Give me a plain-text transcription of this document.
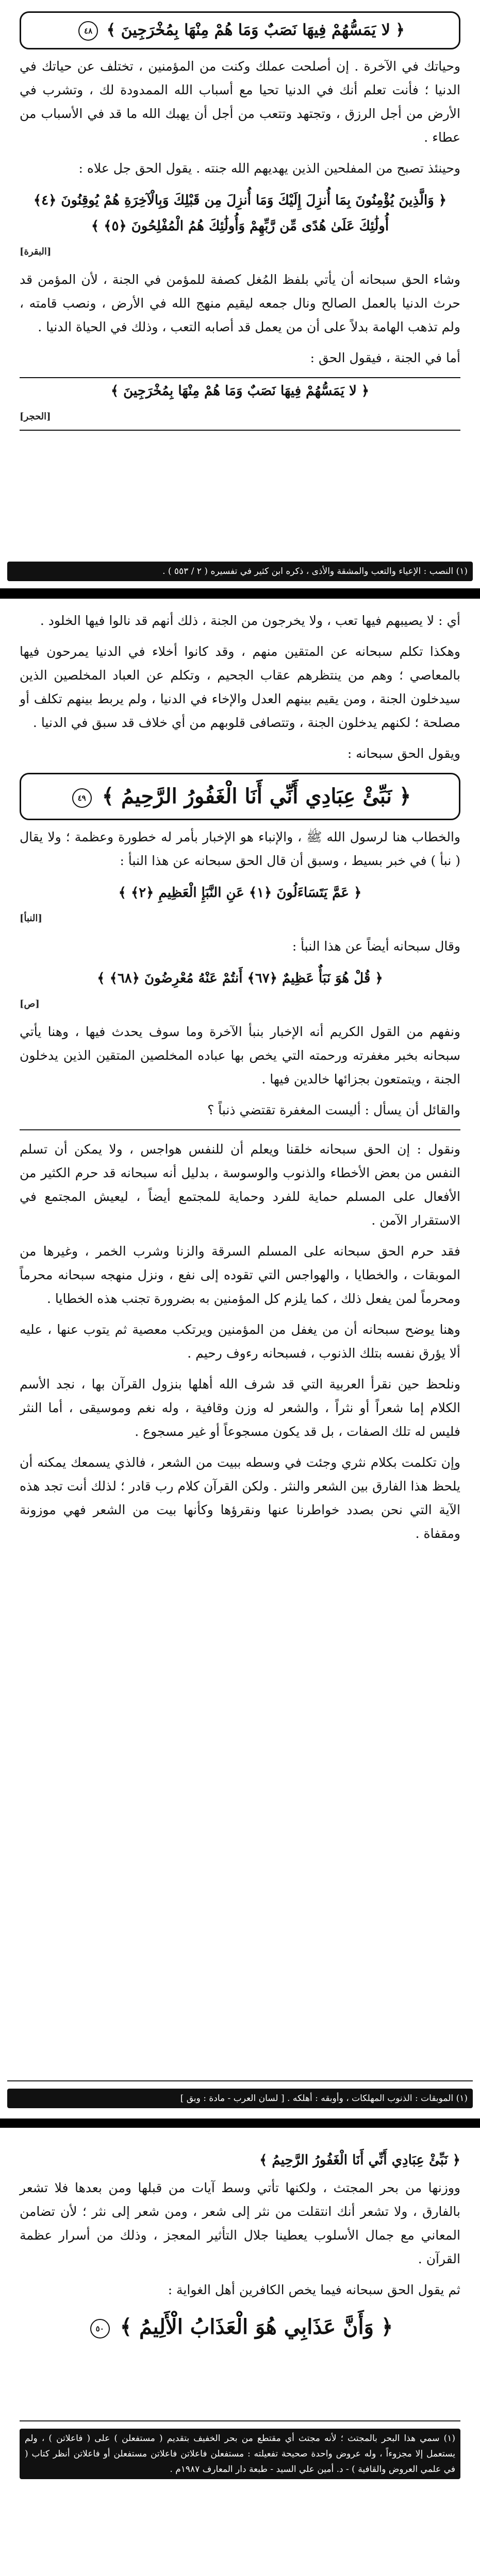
﴿ لا يَمَسُّهُمْ فِيهَا نَصَبٌ وَمَا هُمْ مِنْهَا بِمُخْرَجِينَ ﴾ ٤٨

وحياتك في الآخرة . إن أصلحت عملك وكنت من المؤمنين ، تختلف عن حياتك في الدنيا ؛ فأنت تعلم أنك في الدنيا تحيا مع أسباب الله الممدودة لك ، وتشرب في الأرض من أجل الرزق ، وتجتهد وتتعب من أجل أن يهبك الله ما قد في الأسباب من عطاء .

وحينئذ تصبح من المفلحين الذين يهديهم الله جنته . يقول الحق جل علاه :

﴿ وَالَّذِينَ يُؤْمِنُونَ بِمَا أُنزِلَ إِلَيْكَ وَمَا أُنزِلَ مِن قَبْلِكَ وَبِالْآخِرَةِ هُمْ يُوقِنُونَ ﴿٤﴾ أُولَٰئِكَ عَلَىٰ هُدًى مِّن رَّبِّهِمْ وَأُولَٰئِكَ هُمُ الْمُفْلِحُونَ ﴿٥﴾ ﴾
[البقرة]

وشاء الحق سبحانه أن يأتي بلفظ المُغل كصفة للمؤمن في الجنة ، لأن المؤمن قد حرث الدنيا بالعمل الصالح ونال جمعه ليقيم منهج الله في الأرض ، ونصب قامته ، ولم تذهب الهامة بدلاً على أن من يعمل قد أصابه التعب ، وذلك في الحياة الدنيا .

أما في الجنة ، فيقول الحق :

﴿ لا يَمَسُّهُمْ فِيهَا نَصَبٌ وَمَا هُمْ مِنْهَا بِمُخْرَجِينَ ﴾
[الحجر]
(١) النصب : الإعياء والتعب والمشقة والأذى ، ذكره ابن كثير في تفسيره ( ٢ / ٥٥٣ ) .

أي : لا يصيبهم فيها تعب ، ولا يخرجون من الجنة ، ذلك أنهم قد نالوا فيها الخلود .

وهكذا تكلم سبحانه عن المتقين منهم ، وقد كانوا أخلاء في الدنيا يمرحون فيها بالمعاصي ؛ وهم من ينتظرهم عقاب الجحيم ، وتكلم عن العباد المخلصين الذين سيدخلون الجنة ، ومن يقيم بينهم العدل والإخاء في الدنيا ، ولم يربط بينهم تكلف أو مصلحة ؛ لكنهم يدخلون الجنة ، وتتصافى قلوبهم من أي خلاف قد سبق في الدنيا .

ويقول الحق سبحانه :

﴿ نَبِّئْ عِبَادِي أَنِّي أَنَا الْغَفُورُ الرَّحِيمُ ﴾ ٤٩

والخطاب هنا لرسول الله ﷺ ، والإنباء هو الإخبار بأمر له خطورة وعظمة ؛ ولا يقال ( نبأ ) في خبر بسيط ، وسبق أن قال الحق سبحانه عن هذا النبأ :

﴿ عَمَّ يَتَسَاءَلُونَ ﴿١﴾ عَنِ النَّبَإِ الْعَظِيمِ ﴿٢﴾ ﴾
[النبأ]

وقال سبحانه أيضاً عن هذا النبأ :

﴿ قُلْ هُوَ نَبَأٌ عَظِيمٌ ﴿٦٧﴾ أَنتُمْ عَنْهُ مُعْرِضُونَ ﴿٦٨﴾ ﴾
[ص]

ونفهم من القول الكريم أنه الإخبار بنبأ الآخرة وما سوف يحدث فيها ، وهنا يأتي سبحانه بخبر مغفرته ورحمته التي يخص بها عباده المخلصين المتقين الذين يدخلون الجنة ، ويتمتعون بجزائها خالدين فيها .

والقائل أن يسأل : أليست المغفرة تقتضي ذنباً ؟

ونقول : إن الحق سبحانه خلقنا ويعلم أن للنفس هواجس ، ولا يمكن أن تسلم النفس من بعض الأخطاء والذنوب والوسوسة ، بدليل أنه سبحانه قد حرم الكثير من الأفعال على المسلم حماية للفرد وحماية للمجتمع أيضاً ، ليعيش المجتمع في الاستقرار الآمن .

فقد حرم الحق سبحانه على المسلم السرقة والزنا وشرب الخمر ، وغيرها من الموبقات ، والخطايا ، والهواجس التي تقوده إلى نفع ، ونزل منهجه سبحانه محرماً ومحرماً لمن يفعل ذلك ، كما يلزم كل المؤمنين به بضرورة تجنب هذه الخطايا .

وهنا يوضح سبحانه أن من يغفل من المؤمنين ويرتكب معصية ثم يتوب عنها ، عليه ألا يؤرق نفسه بتلك الذنوب ، فسبحانه رءوف رحيم .

ونلحظ حين نقرأ العربية التي قد شرف الله أهلها بنزول القرآن بها ، نجد الأسم الكلام إما شعراً أو نثراً ، والشعر له وزن وقافية ، وله نغم وموسيقى ، أما النثر فليس له تلك الصفات ، بل قد يكون مسجوعاً أو غير مسجوع .

وإن تكلمت بكلام نثري وجئت في وسطه ببيت من الشعر ، فالذي يسمعك يمكنه أن يلحظ هذا الفارق بين الشعر والنثر . ولكن القرآن كلام رب قادر ؛ لذلك أنت تجد هذه الآية التي نحن بصدد خواطرنا عنها ونقرؤها وكأنها بيت من الشعر فهي موزونة ومقفاة .

(١) الموبقات : الذنوب المهلكات ، وأوبقه : أهلكه . [ لسان العرب - مادة : وبق ]
﴿ نَبِّئْ عِبَادِي أَنِّي أَنَا الْغَفُورُ الرَّحِيمُ ﴾

ووزنها من بحر المجتث ، ولكنها تأتي وسط آيات من قبلها ومن بعدها فلا تشعر بالفارق ، ولا تشعر أنك انتقلت من نثر إلى شعر ، ومن شعر إلى نثر ؛ لأن تضامن المعاني مع جمال الأسلوب يعطينا جلال التأثير المعجز ، وذلك من أسرار عظمة القرآن .

ثم يقول الحق سبحانه فيما يخص الكافرين أهل الغواية :

﴿ وَأَنَّ عَذَابِي هُوَ الْعَذَابُ الْأَلِيمُ ﴾ ٥٠
(١) سمي هذا البحر بالمجتث ؛ لأنه مجتث أي مقتطع من بحر الخفيف بتقديم ( مستفعلن ) على ( فاعلاتن ) ، ولم يستعمل إلا مجزوءاً ، وله عروض واحدة صحيحة تفعيلته : مستفعلن فاعلاتن فاعلاتن مستفعلن أو فاعلاتن أنظر كتاب ( في علمي العروض والقافية ) - د. أمين علي السيد - طبعة دار المعارف ١٩٨٧م .
